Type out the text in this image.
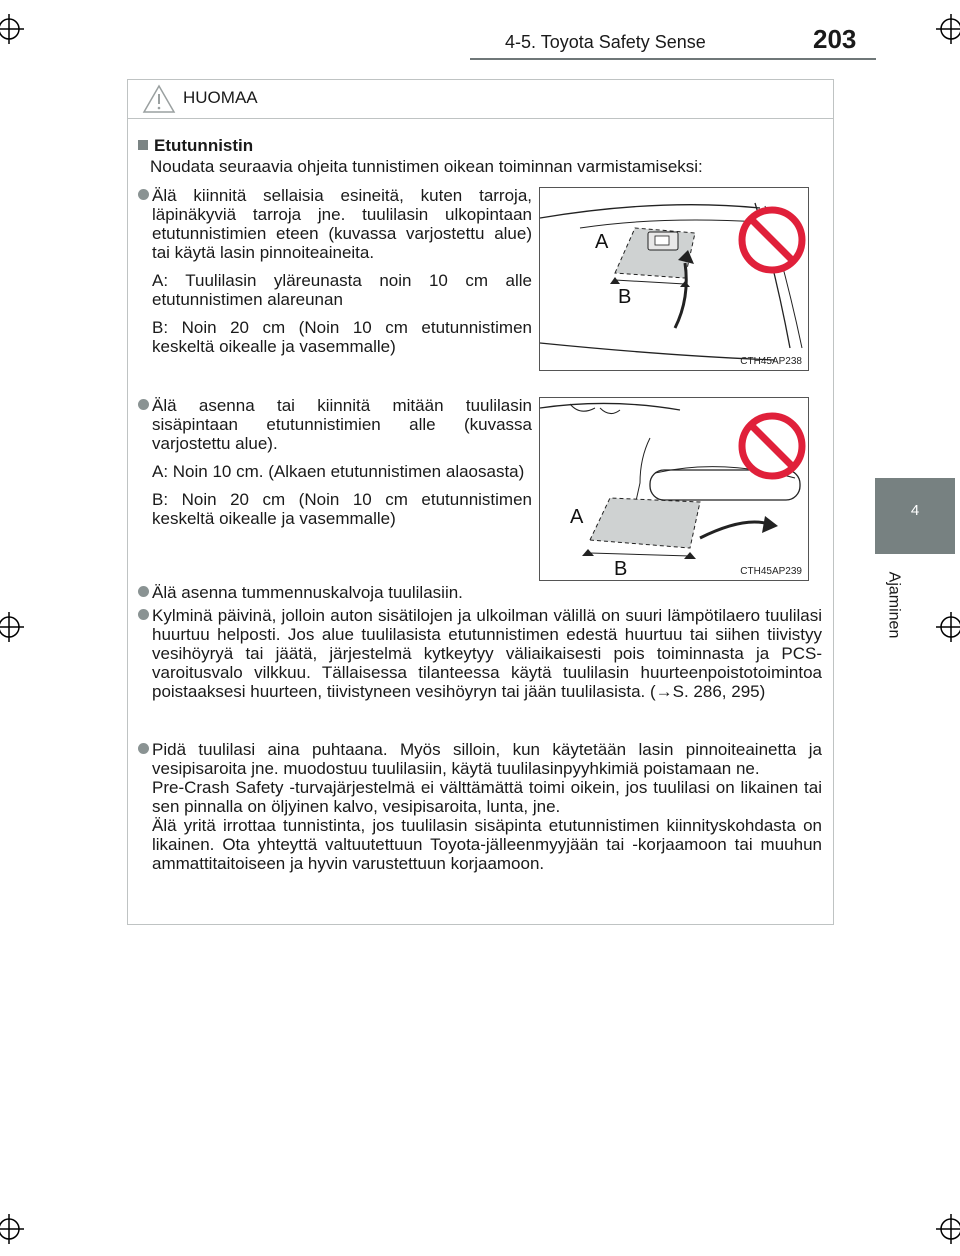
4-5. Toyota Safety Sense	203
4
Ajaminen
HUOMAA
Etutunnistin
Noudata seuraavia ohjeita tunnistimen oikean toiminnan varmistamiseksi:

Älä kiinnitä sellaisia esineitä, kuten tarroja, läpinäkyviä tarroja jne. tuulilasin ulkopintaan etutunnistimien eteen (kuvassa varjostettu alue) tai käytä lasin pinnoiteaineita.

A: Tuulilasin yläreunasta noin 10 cm alle etutunnistimen alareunan

B: Noin 20 cm (Noin 10 cm etutunnistimen keskeltä oikealle ja vasemmalle)

A
B
CTH45AP238

Älä asenna tai kiinnitä mitään tuulilasin sisäpintaan etutunnistimien alle (kuvassa varjostettu alue).

A: Noin 10 cm. (Alkaen etutunnistimen alaosasta)

B: Noin 20 cm (Noin 10 cm etutunnistimen keskeltä oikealle ja vasemmalle)	A
B	CTH45AP239

Älä asenna tummennuskalvoja tuulilasiin.

Kylminä päivinä, jolloin auton sisätilojen ja ulkoilman välillä on suuri lämpötilaero tuulilasi huurtuu helposti. Jos alue tuulilasista etutunnistimen edestä huurtuu tai siihen tiivistyy vesihöyryä tai jäätä, järjestelmä kytkeytyy väliaikaisesti pois toiminnasta ja PCS-varoitusvalo vilkkuu. Tällaisessa tilanteessa käytä tuulilasin huurteenpoistotoimintoa poistaaksesi huurteen, tiivistyneen vesihöyryn tai jään tuulilasista. (→S. 286, 295)

Pidä tuulilasi aina puhtaana. Myös silloin, kun käytetään lasin pinnoiteainetta ja vesipisaroita jne. muodostuu tuulilasiin, käytä tuulilasinpyyhkimiä poistamaan ne.

Pre-Crash Safety -turvajärjestelmä ei välttämättä toimi oikein, jos tuulilasi on likainen tai sen pinnalla on öljyinen kalvo, vesipisaroita, lunta, jne.

Älä yritä irrottaa tunnistinta, jos tuulilasin sisäpinta etutunnistimen kiinnityskohdasta on likainen. Ota yhteyttä valtuutettuun Toyota-jälleenmyyjään tai -korjaamoon tai muuhun ammattitaitoiseen ja hyvin varustettuun korjaamoon.
